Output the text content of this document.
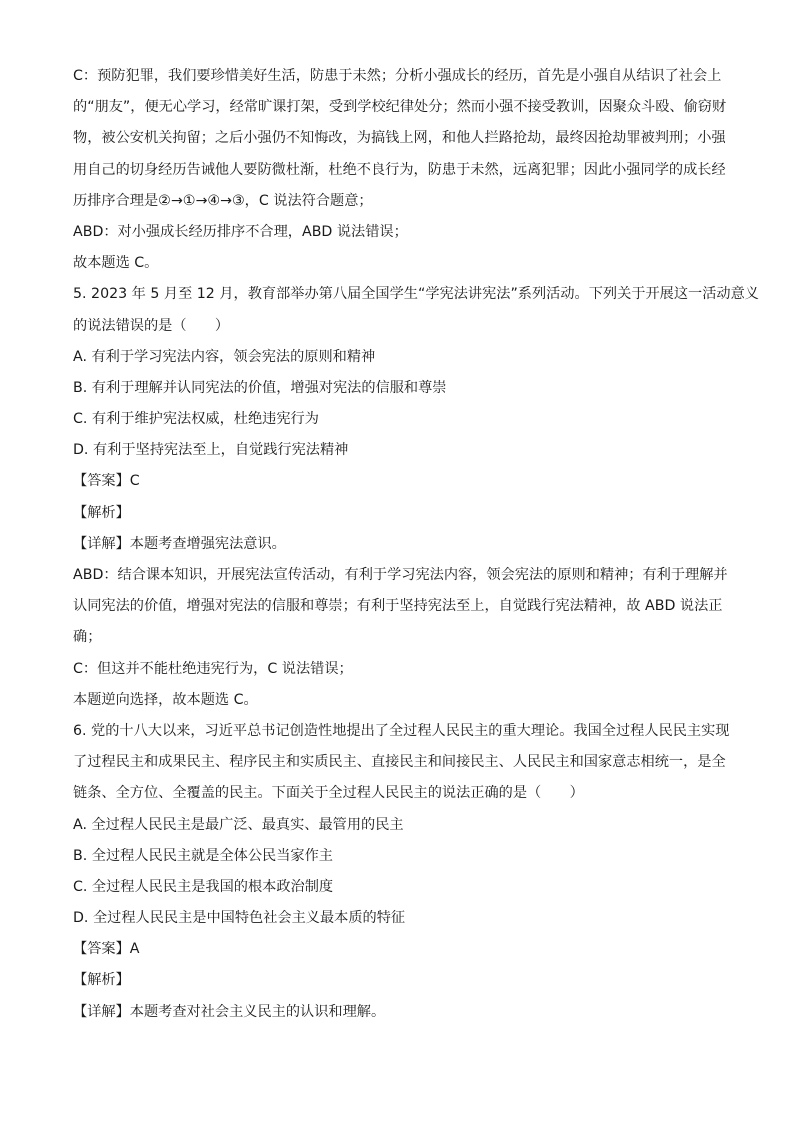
C：预防犯罪，我们要珍惜美好生活，防患于未然；分析小强成长的经历，首先是小强自从结识了社会上

的“朋友”，便无心学习，经常旷课打架，受到学校纪律处分；然而小强不接受教训，因聚众斗殴、偷窃财

物，被公安机关拘留；之后小强仍不知悔改，为搞钱上网，和他人拦路抢劫，最终因抢劫罪被判刑；小强

用自己的切身经历告诫他人要防微杜渐，杜绝不良行为，防患于未然，远离犯罪；因此小强同学的成长经

历排序合理是②→①→④→③，C 说法符合题意；

ABD：对小强成长经历排序不合理，ABD 说法错误；

故本题选 C。

5. 2023 年 5 月至 12 月，教育部举办第八届全国学生“学宪法讲宪法”系列活动。下列关于开展这一活动意义

的说法错误的是（　　）

A. 有利于学习宪法内容，领会宪法的原则和精神

B. 有利于理解并认同宪法的价值，增强对宪法的信服和尊崇

C. 有利于维护宪法权威，杜绝违宪行为

D. 有利于坚持宪法至上，自觉践行宪法精神

【答案】C

【解析】

【详解】本题考查增强宪法意识。

ABD：结合课本知识，开展宪法宣传活动，有利于学习宪法内容，领会宪法的原则和精神；有利于理解并

认同宪法的价值，增强对宪法的信服和尊崇；有利于坚持宪法至上，自觉践行宪法精神，故 ABD 说法正

确；

C：但这并不能杜绝违宪行为，C 说法错误；

本题逆向选择，故本题选 C。

6. 党的十八大以来，习近平总书记创造性地提出了全过程人民民主的重大理论。我国全过程人民民主实现

了过程民主和成果民主、程序民主和实质民主、直接民主和间接民主、人民民主和国家意志相统一，是全

链条、全方位、全覆盖的民主。下面关于全过程人民民主的说法正确的是（　　）

A. 全过程人民民主是最广泛、最真实、最管用的民主

B. 全过程人民民主就是全体公民当家作主

C. 全过程人民民主是我国的根本政治制度

D. 全过程人民民主是中国特色社会主义最本质的特征

【答案】A

【解析】

【详解】本题考查对社会主义民主的认识和理解。
